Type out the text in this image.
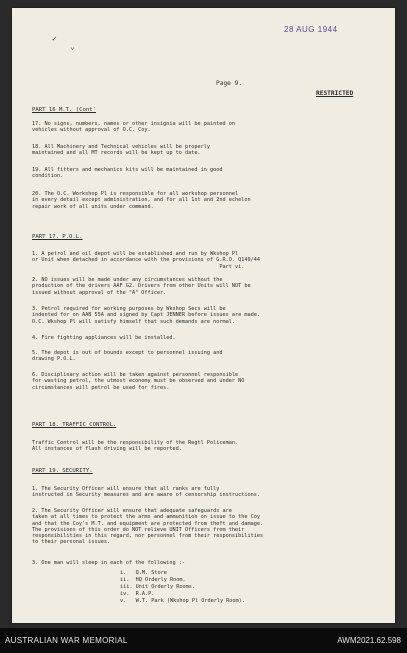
28 AUG 1944
Page 9.
RESTRICTED
PART 16 M.T. (Cont'
17. No signs, numbers, names or other insignia will be painted on
vehicles without approval of O.C. Coy.
18. All Machinery and Technical vehicles will be properly
maintained and all MT records will be kept up to date.
19. All fitters and mechanics kits will be maintained in good
condition.
20. The O.C. Workshop Pl is responsible for all workshop personnel
in every detail except administration, and for all 1st and 2nd echelon
repair work of all units under command.
PART 17. P.O.L.
1. A petrol and oil depot will be established and run by Wkshop Pl
or Unit when detached in accordance with the provisions of G.R.O. Q149/44
Part vi.
2. NO issues will be made under any circumstances without the
production of the drivers AAF G2. Drivers from other Units will NOT be
issued without approval of the "A" Officer.
3. Petrol required for working purposes by Wkshop Secs will be
indented for on AAB 55A and signed by Capt JENNER before issues are made.
O.C. Wkshop Pl will satisfy himself that such demands are normal.
4. Fire fighting appliances will be installed.
5. The depot is out of bounds except to personnel issuing and
drawing P.O.L.
6. Disciplinary action will be taken against personnel responsible
for wasting petrol, the utmost economy must be observed and under NO
circumstances will petrol be used for fires.
PART 18. TRAFFIC CONTROL.
Traffic Control will be the responsibility of the Regtl Policeman.
All instances of flash driving will be reported.
PART 19. SECURITY.
1. The Security Officer will ensure that all ranks are fully
instructed in Security measures and are aware of censorship instructions.
2. The Security Officer will ensure that adequate safeguards are
taken at all times to protect the arms and ammunition on issue to the Coy
and that the Coy's M.T. and equipment are protected from theft and damage.
The provisions of this order do NOT relieve UNIT Officers from their
responsibilities in this regard, nor personnel from their responsibilities
to their personal issues.
3. One man will sleep in each of the following :-
i.   Q.M. Store
ii.  HQ Orderly Room.
iii. Unit Orderly Rooms.
iv.  R.A.P.
v.   W.T. Park (Wkshop Pl Orderly Room).
✓
⌄
AUSTRALIAN WAR MEMORIAL	AWM2021.62.598
